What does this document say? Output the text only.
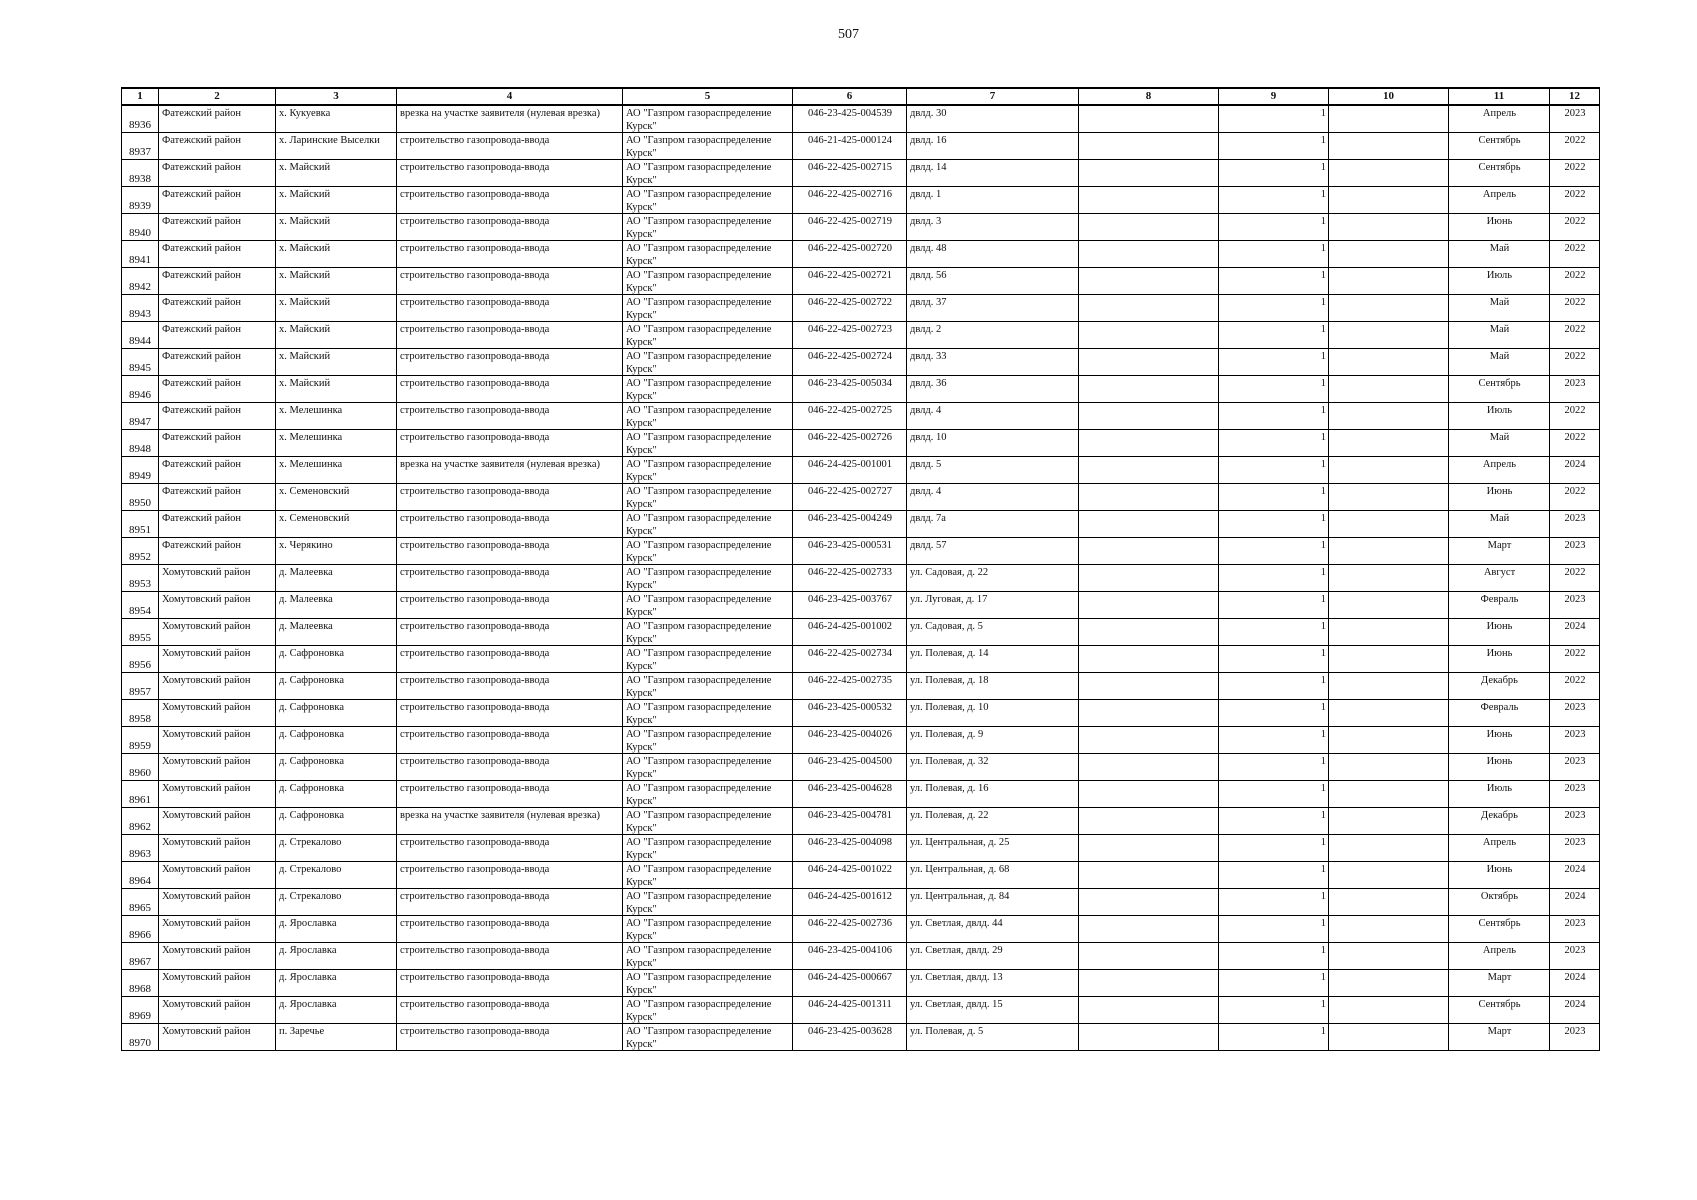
507
1	2	3	4	5	6	7	8	9	10	11	12

8936	Фатежский район	х. Кукуевка	врезка на участке заявителя (нулевая врезка)	АО "Газпром газораспределение Курск"	046-23-425-004539	двлд. 30		1		Апрель	2023

8937	Фатежский район	х. Ларинские Выселки	строительство газопровода-ввода	АО "Газпром газораспределение Курск"	046-21-425-000124	двлд. 16		1		Сентябрь	2022

8938	Фатежский район	х. Майский	строительство газопровода-ввода	АО "Газпром газораспределение Курск"	046-22-425-002715	двлд. 14		1		Сентябрь	2022

8939	Фатежский район	х. Майский	строительство газопровода-ввода	АО "Газпром газораспределение Курск"	046-22-425-002716	двлд. 1		1		Апрель	2022

8940	Фатежский район	х. Майский	строительство газопровода-ввода	АО "Газпром газораспределение Курск"	046-22-425-002719	двлд. 3		1		Июнь	2022

8941	Фатежский район	х. Майский	строительство газопровода-ввода	АО "Газпром газораспределение Курск"	046-22-425-002720	двлд. 48		1		Май	2022

8942	Фатежский район	х. Майский	строительство газопровода-ввода	АО "Газпром газораспределение Курск"	046-22-425-002721	двлд. 56		1		Июль	2022

8943	Фатежский район	х. Майский	строительство газопровода-ввода	АО "Газпром газораспределение Курск"	046-22-425-002722	двлд. 37		1		Май	2022

8944	Фатежский район	х. Майский	строительство газопровода-ввода	АО "Газпром газораспределение Курск"	046-22-425-002723	двлд. 2		1		Май	2022

8945	Фатежский район	х. Майский	строительство газопровода-ввода	АО "Газпром газораспределение Курск"	046-22-425-002724	двлд. 33		1		Май	2022

8946	Фатежский район	х. Майский	строительство газопровода-ввода	АО "Газпром газораспределение Курск"	046-23-425-005034	двлд. 36		1		Сентябрь	2023

8947	Фатежский район	х. Мелешинка	строительство газопровода-ввода	АО "Газпром газораспределение Курск"	046-22-425-002725	двлд. 4		1		Июль	2022

8948	Фатежский район	х. Мелешинка	строительство газопровода-ввода	АО "Газпром газораспределение Курск"	046-22-425-002726	двлд. 10		1		Май	2022

8949	Фатежский район	х. Мелешинка	врезка на участке заявителя (нулевая врезка)	АО "Газпром газораспределение Курск"	046-24-425-001001	двлд. 5		1		Апрель	2024

8950	Фатежский район	х. Семеновский	строительство газопровода-ввода	АО "Газпром газораспределение Курск"	046-22-425-002727	двлд. 4		1		Июнь	2022

8951	Фатежский район	х. Семеновский	строительство газопровода-ввода	АО "Газпром газораспределение Курск"	046-23-425-004249	двлд. 7а		1		Май	2023

8952	Фатежский район	х. Черякино	строительство газопровода-ввода	АО "Газпром газораспределение Курск"	046-23-425-000531	двлд. 57		1		Март	2023

8953	Хомутовский район	д. Малеевка	строительство газопровода-ввода	АО "Газпром газораспределение Курск"	046-22-425-002733	ул. Садовая, д. 22		1		Август	2022

8954	Хомутовский район	д. Малеевка	строительство газопровода-ввода	АО "Газпром газораспределение Курск"	046-23-425-003767	ул. Луговая, д. 17		1		Февраль	2023

8955	Хомутовский район	д. Малеевка	строительство газопровода-ввода	АО "Газпром газораспределение Курск"	046-24-425-001002	ул. Садовая, д. 5		1		Июнь	2024

8956	Хомутовский район	д. Сафроновка	строительство газопровода-ввода	АО "Газпром газораспределение Курск"	046-22-425-002734	ул. Полевая, д. 14		1		Июнь	2022

8957	Хомутовский район	д. Сафроновка	строительство газопровода-ввода	АО "Газпром газораспределение Курск"	046-22-425-002735	ул. Полевая, д. 18		1		Декабрь	2022

8958	Хомутовский район	д. Сафроновка	строительство газопровода-ввода	АО "Газпром газораспределение Курск"	046-23-425-000532	ул. Полевая, д. 10		1		Февраль	2023

8959	Хомутовский район	д. Сафроновка	строительство газопровода-ввода	АО "Газпром газораспределение Курск"	046-23-425-004026	ул. Полевая, д. 9		1		Июнь	2023

8960	Хомутовский район	д. Сафроновка	строительство газопровода-ввода	АО "Газпром газораспределение Курск"	046-23-425-004500	ул. Полевая, д. 32		1		Июнь	2023

8961	Хомутовский район	д. Сафроновка	строительство газопровода-ввода	АО "Газпром газораспределение Курск"	046-23-425-004628	ул. Полевая, д. 16		1		Июль	2023

8962	Хомутовский район	д. Сафроновка	врезка на участке заявителя (нулевая врезка)	АО "Газпром газораспределение Курск"	046-23-425-004781	ул. Полевая, д. 22		1		Декабрь	2023

8963	Хомутовский район	д. Стрекалово	строительство газопровода-ввода	АО "Газпром газораспределение Курск"	046-23-425-004098	ул. Центральная, д. 25		1		Апрель	2023

8964	Хомутовский район	д. Стрекалово	строительство газопровода-ввода	АО "Газпром газораспределение Курск"	046-24-425-001022	ул. Центральная, д. 68		1		Июнь	2024

8965	Хомутовский район	д. Стрекалово	строительство газопровода-ввода	АО "Газпром газораспределение Курск"	046-24-425-001612	ул. Центральная, д. 84		1		Октябрь	2024

8966	Хомутовский район	д. Ярославка	строительство газопровода-ввода	АО "Газпром газораспределение Курск"	046-22-425-002736	ул. Светлая, двлд. 44		1		Сентябрь	2023

8967	Хомутовский район	д. Ярославка	строительство газопровода-ввода	АО "Газпром газораспределение Курск"	046-23-425-004106	ул. Светлая, двлд. 29		1		Апрель	2023

8968	Хомутовский район	д. Ярославка	строительство газопровода-ввода	АО "Газпром газораспределение Курск"	046-24-425-000667	ул. Светлая, двлд. 13		1		Март	2024

8969	Хомутовский район	д. Ярославка	строительство газопровода-ввода	АО "Газпром газораспределение Курск"	046-24-425-001311	ул. Светлая, двлд. 15		1		Сентябрь	2024

8970	Хомутовский район	п. Заречье	строительство газопровода-ввода	АО "Газпром газораспределение Курск"	046-23-425-003628	ул. Полевая, д. 5		1		Март	2023
